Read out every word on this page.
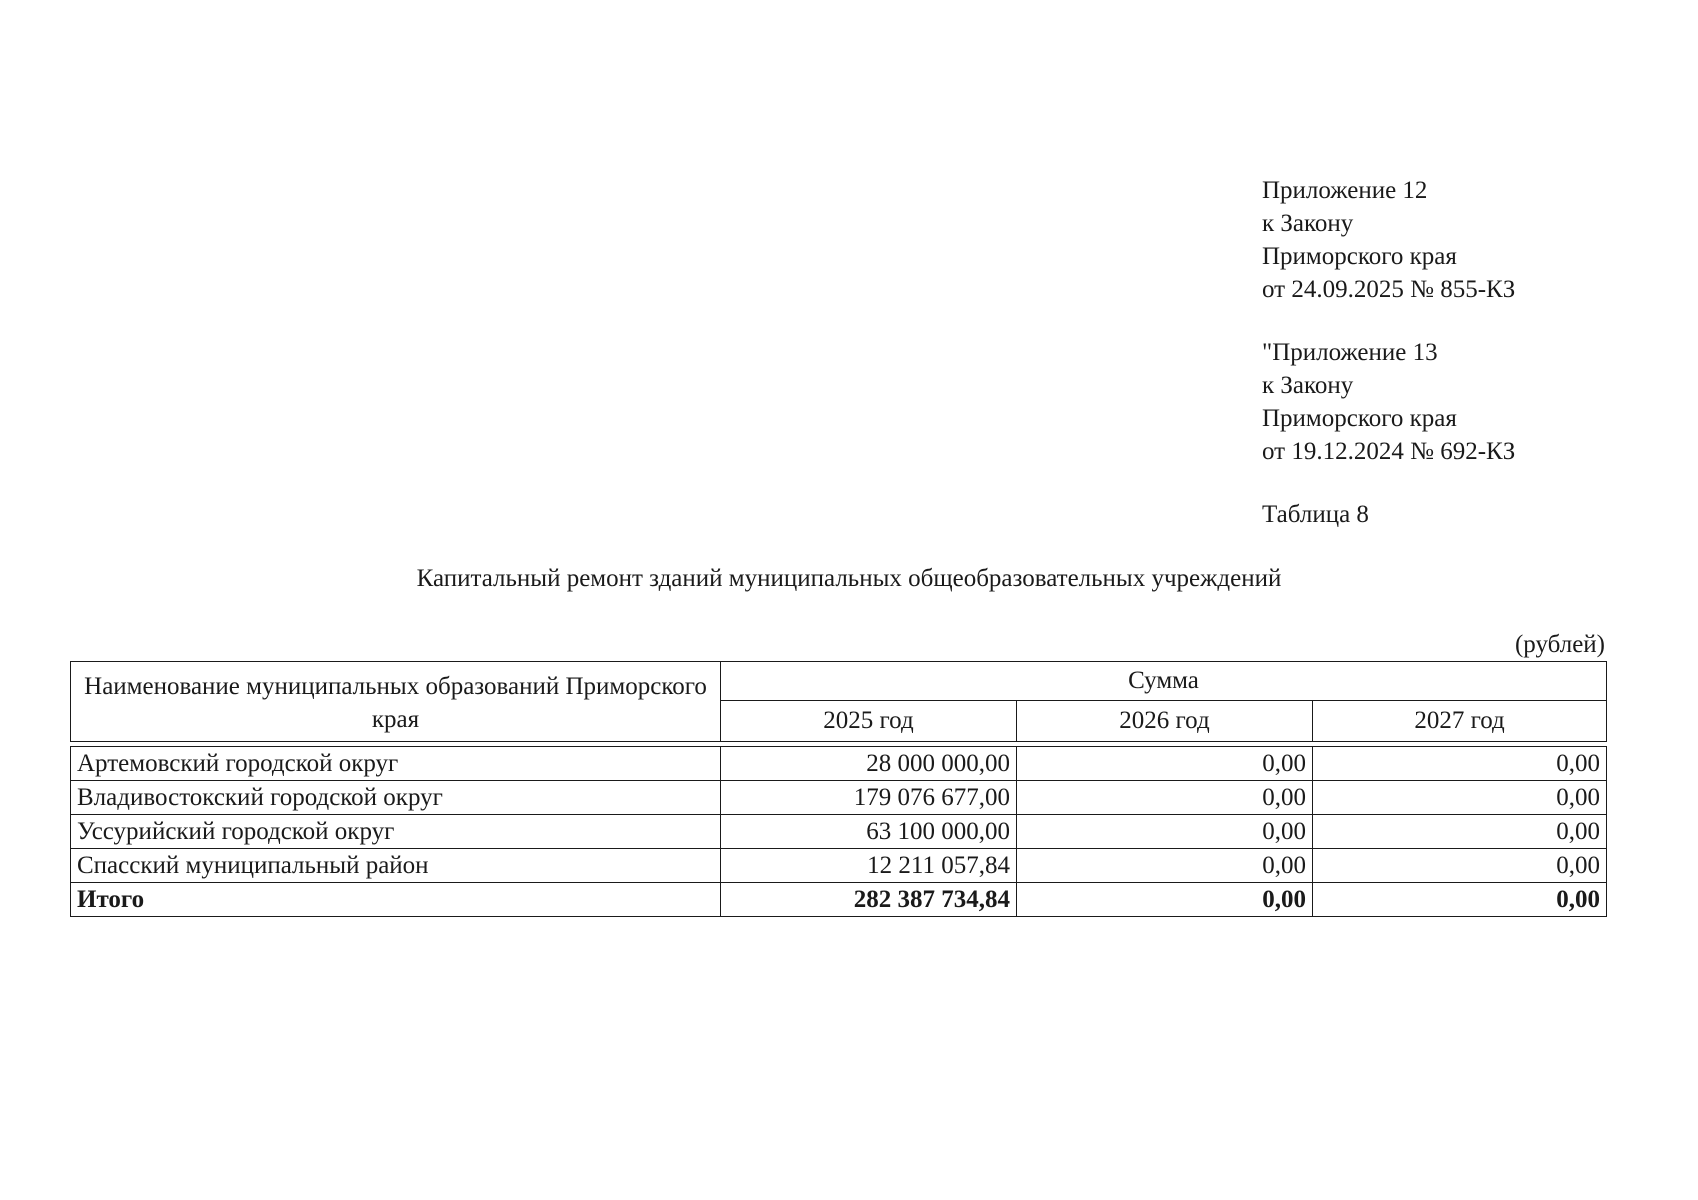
Приложение 12
к Закону
Приморского края
от 24.09.2025 № 855-КЗ
"Приложение 13
к Закону
Приморского края
от 19.12.2024 № 692-КЗ
Таблица 8
Капитальный ремонт зданий муниципальных общеобразовательных учреждений
(рублей)
Наименование муниципальных образований Приморского края	Сумма		
	2025 год	2026 год	2027 год

Артемовский городской округ	28 000 000,00	0,00	0,00
Владивостокский городской округ	179 076 677,00	0,00	0,00
Уссурийский городской округ	63 100 000,00	0,00	0,00
Спасский муниципальный район	12 211 057,84	0,00	0,00
Итого	282 387 734,84	0,00	0,00
